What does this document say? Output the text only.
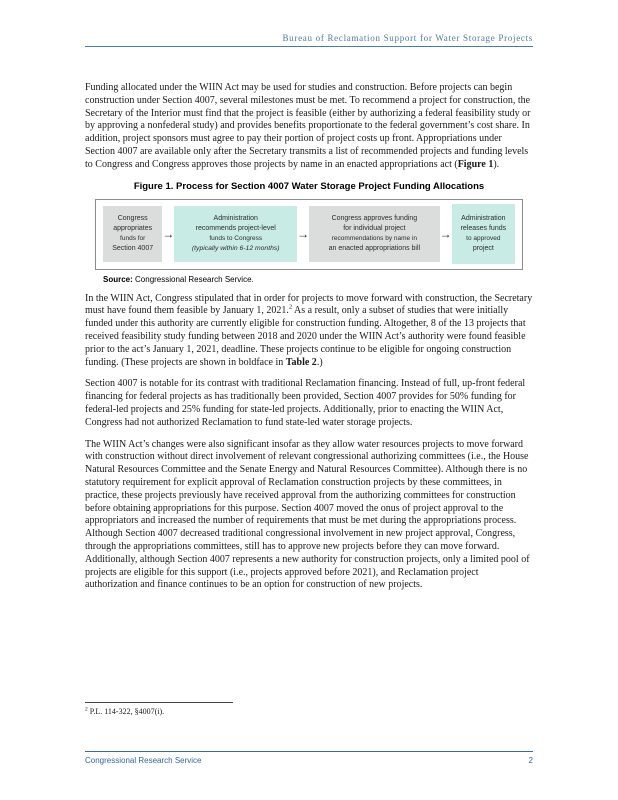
Bureau of Reclamation Support for Water Storage Projects

Funding allocated under the WIIN Act may be used for studies and construction. Before projects can begin construction under Section 4007, several milestones must be met. To recommend a project for construction, the Secretary of the Interior must find that the project is feasible (either by authorizing a federal feasibility study or by approving a nonfederal study) and provides benefits proportionate to the federal government’s cost share. In addition, project sponsors must agree to pay their portion of project costs up front. Appropriations under Section 4007 are available only after the Secretary transmits a list of recommended projects and funding levels to Congress and Congress approves those projects by name in an enacted appropriations act (Figure 1).

Figure 1. Process for Section 4007 Water Storage Project Funding Allocations
Congress
appropriates
funds for
Section 4007
→
Administration
recommends project-level
funds to Congress
(typically within 6-12 months)
→
Congress approves funding
for individual project
recommendations by name in
an enacted appropriations bill
→
Administration
releases funds
to approved
project
Source: Congressional Research Service.

In the WIIN Act, Congress stipulated that in order for projects to move forward with construction, the Secretary must have found them feasible by January 1, 2021.$^2$ As a result, only a subset of studies that were initially funded under this authority are currently eligible for construction funding. Altogether, 8 of the 13 projects that received feasibility study funding between 2018 and 2020 under the WIIN Act’s authority were found feasible prior to the act’s January 1, 2021, deadline. These projects continue to be eligible for ongoing construction funding. (These projects are shown in boldface in Table 2.)

Section 4007 is notable for its contrast with traditional Reclamation financing. Instead of full, up-front federal financing for federal projects as has traditionally been provided, Section 4007 provides for 50% funding for federal-led projects and 25% funding for state-led projects. Additionally, prior to enacting the WIIN Act, Congress had not authorized Reclamation to fund state-led water storage projects.

The WIIN Act’s changes were also significant insofar as they allow water resources projects to move forward with construction without direct involvement of relevant congressional authorizing committees (i.e., the House Natural Resources Committee and the Senate Energy and Natural Resources Committee). Although there is no statutory requirement for explicit approval of Reclamation construction projects by these committees, in practice, these projects previously have received approval from the authorizing committees for construction before obtaining appropriations for this purpose. Section 4007 moved the onus of project approval to the appropriators and increased the number of requirements that must be met during the appropriations process. Although Section 4007 decreased traditional congressional involvement in new project approval, Congress, through the appropriations committees, still has to approve new projects before they can move forward. Additionally, although Section 4007 represents a new authority for construction projects, only a limited pool of projects are eligible for this support (i.e., projects approved before 2021), and Reclamation project authorization and finance continues to be an option for construction of new projects.

$^2$ P.L. 114-322, §4007(i).
Congressional Research Service	2
